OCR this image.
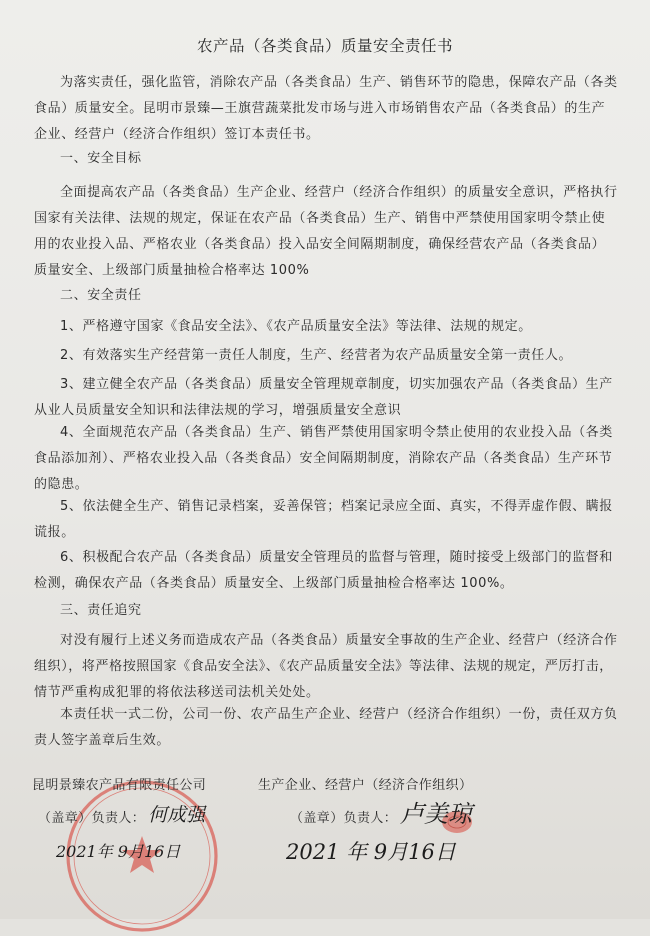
农产品（各类食品）质量安全责任书

为落实责任，强化监管，消除农产品（各类食品）生产、销售环节的隐患，保障农产品（各类食品）质量安全。昆明市景臻—王旗营蔬菜批发市场与进入市场销售农产品（各类食品）的生产企业、经营户（经济合作组织）签订本责任书。

一、安全目标

全面提高农产品（各类食品）生产企业、经营户（经济合作组织）的质量安全意识，严格执行国家有关法律、法规的规定，保证在农产品（各类食品）生产、销售中严禁使用国家明令禁止使用的农业投入品、严格农业（各类食品）投入品安全间隔期制度，确保经营农产品（各类食品）质量安全、上级部门质量抽检合格率达 100%

二、安全责任

1、严格遵守国家《食品安全法》、《农产品质量安全法》等法律、法规的规定。

2、有效落实生产经营第一责任人制度，生产、经营者为农产品质量安全第一责任人。

3、建立健全农产品（各类食品）质量安全管理规章制度，切实加强农产品（各类食品）生产从业人员质量安全知识和法律法规的学习，增强质量安全意识

4、全面规范农产品（各类食品）生产、销售严禁使用国家明令禁止使用的农业投入品（各类食品添加剂）、严格农业投入品（各类食品）安全间隔期制度，消除农产品（各类食品）生产环节的隐患。

5、依法健全生产、销售记录档案，妥善保管；档案记录应全面、真实，不得弄虚作假、瞒报谎报。

6、积极配合农产品（各类食品）质量安全管理员的监督与管理，随时接受上级部门的监督和检测，确保农产品（各类食品）质量安全、上级部门质量抽检合格率达 100%。

三、责任追究

对没有履行上述义务而造成农产品（各类食品）质量安全事故的生产企业、经营户（经济合作组织），将严格按照国家《食品安全法》、《农产品质量安全法》等法律、法规的规定，严厉打击，情节严重构成犯罪的将依法移送司法机关处处。

本责任状一式二份，公司一份、农产品生产企业、经营户（经济合作组织）一份，责任双方负责人签字盖章后生效。

昆明景臻农产品有限责任公司	生产企业、经营户（经济合作组织）

（盖章）负责人： 何成强	（盖章）负责人： 卢美琼

2021年 9月16日	2021 年 9月16日
